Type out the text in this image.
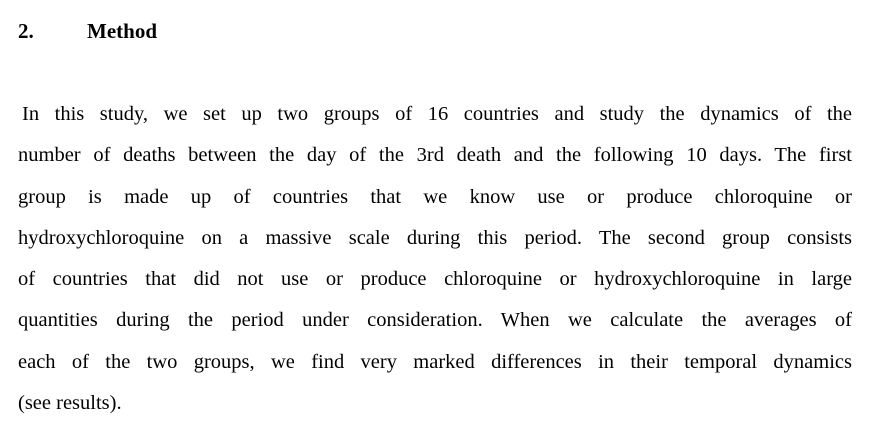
2.	Method
In this study, we set up two groups of 16 countries and study the dynamics of the
number of deaths between the day of the 3rd death and the following 10 days. The first
group is made up of countries that we know use or produce chloroquine or
hydroxychloroquine on a massive scale during this period. The second group consists
of countries that did not use or produce chloroquine or hydroxychloroquine in large
quantities during the period under consideration. When we calculate the averages of
each of the two groups, we find very marked differences in their temporal dynamics
(see results).
